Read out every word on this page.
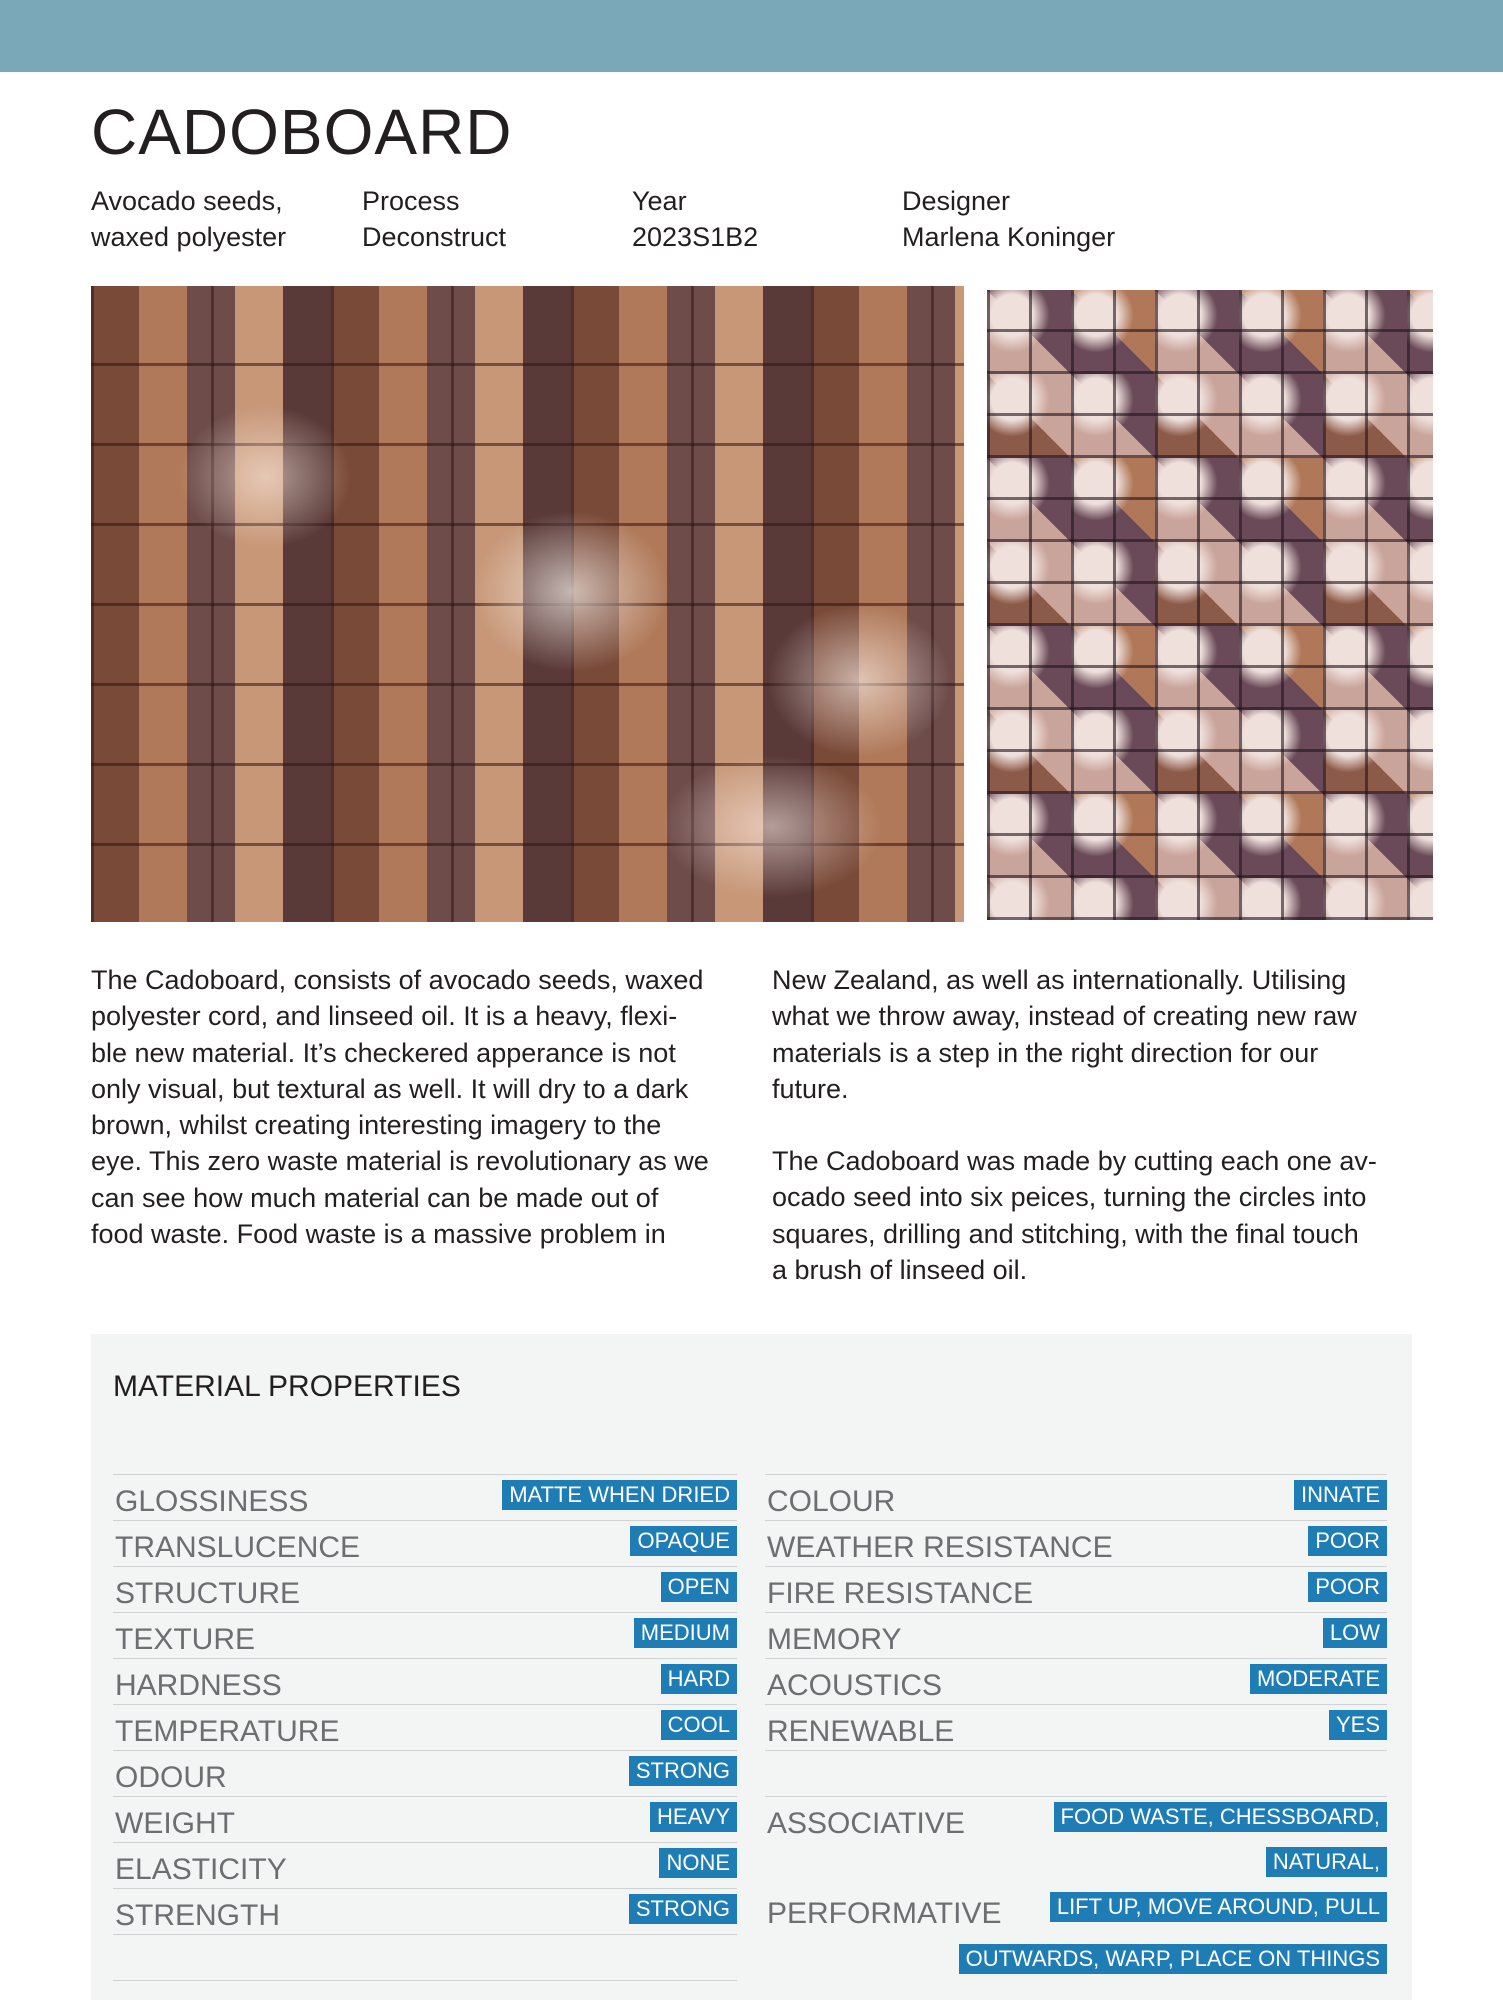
CADOBOARD
Avocado seeds,
waxed polyester
Process
Deconstruct
Year
2023S1B2
Designer
Marlena Koninger

The Cadoboard, consists of avocado seeds, waxed
polyester cord, and linseed oil. It is a heavy, flexi-
ble new material. It’s checkered apperance is not
only visual, but textural as well. It will dry to a dark
brown, whilst creating interesting imagery to the
eye. This zero waste material is revolutionary as we
can see how much material can be made out of
food waste. Food waste is a massive problem in

New Zealand, as well as internationally. Utilising
what we throw away, instead of creating new raw
materials is a step in the right direction for our
future.

The Cadoboard was made by cutting each one av-
ocado seed into six peices, turning the circles into
squares, drilling and stitching, with the final touch
a brush of linseed oil.

MATERIAL PROPERTIES
GLOSSINESS	MATTE WHEN DRIED
TRANSLUCENCE	OPAQUE
STRUCTURE	OPEN
TEXTURE	MEDIUM
HARDNESS	HARD
TEMPERATURE	COOL
ODOUR	STRONG
WEIGHT	HEAVY
ELASTICITY	NONE
STRENGTH	STRONG
COLOUR	INNATE
WEATHER RESISTANCE	POOR
FIRE RESISTANCE	POOR
MEMORY	LOW
ACOUSTICS	MODERATE
RENEWABLE	YES
ASSOCIATIVE	FOOD WASTE, CHESSBOARD,
NATURAL,
PERFORMATIVE	LIFT UP, MOVE AROUND, PULL
OUTWARDS, WARP, PLACE ON THINGS
